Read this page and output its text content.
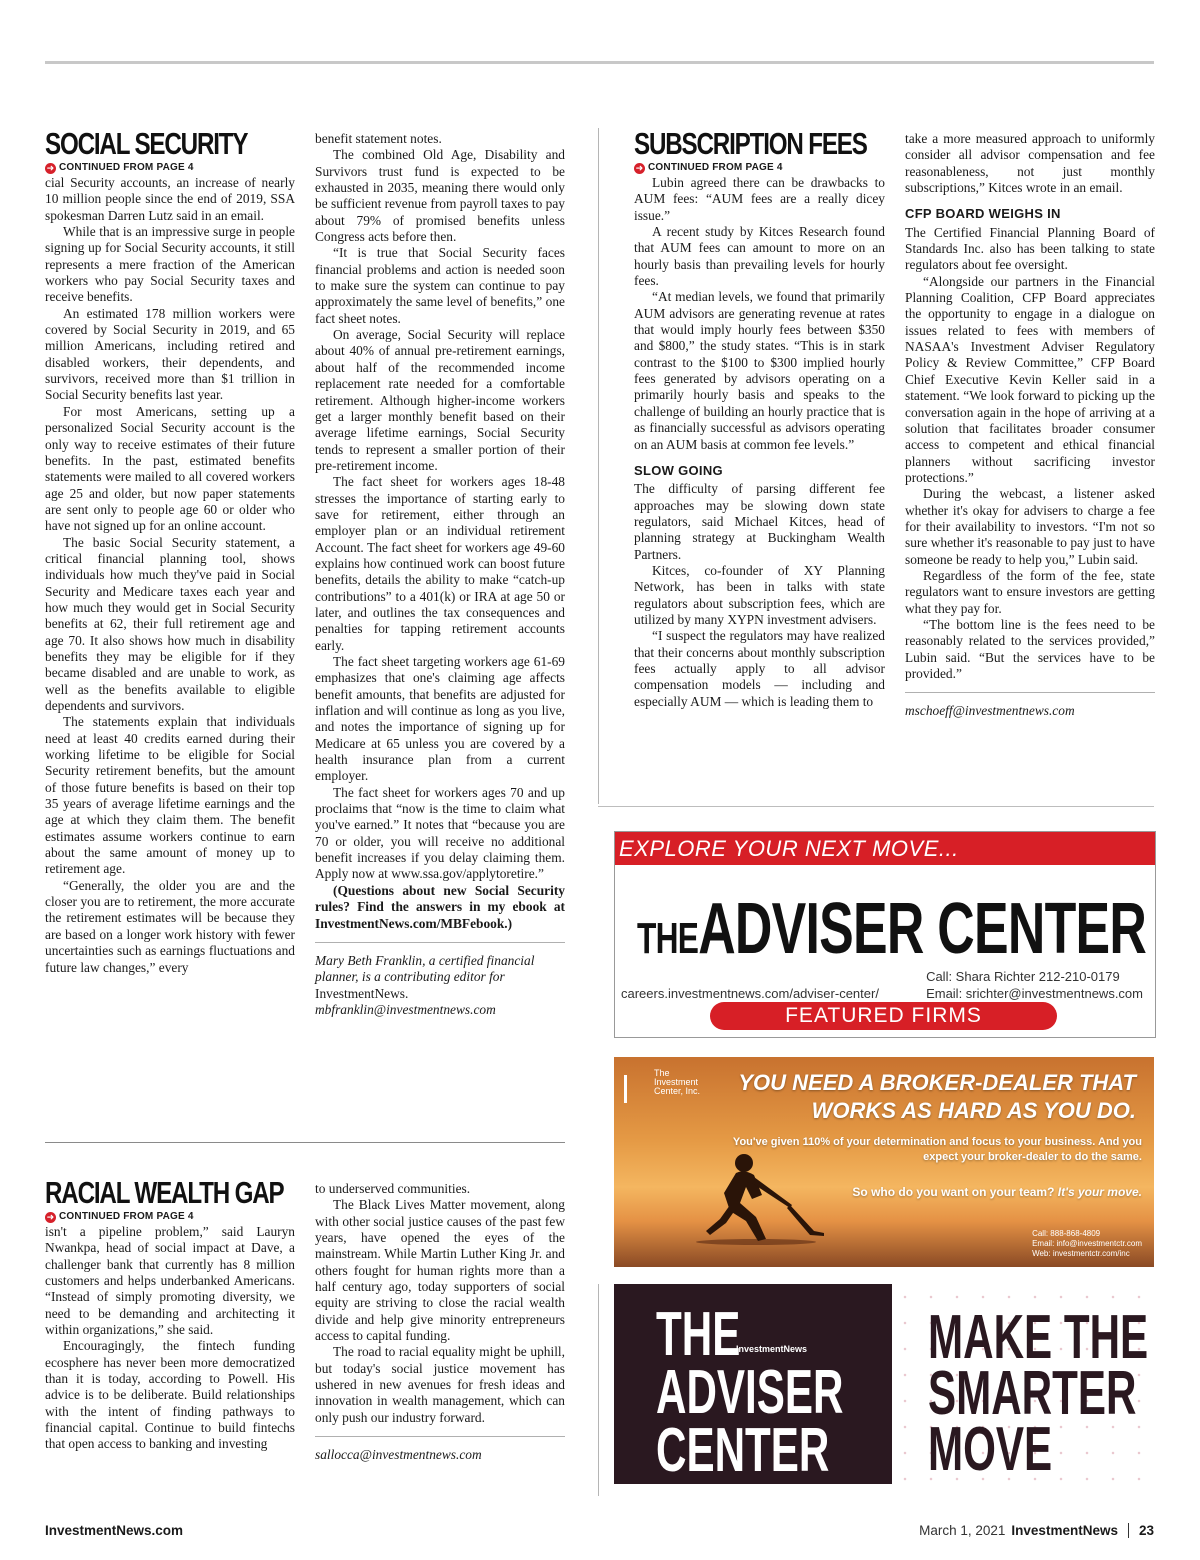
SOCIAL SECURITY
➜ CONTINUED FROM PAGE 4

cial Security accounts, an increase of nearly 10 million people since the end of 2019, SSA spokesman Darren Lutz said in an email.

While that is an impressive surge in people signing up for Social Security accounts, it still represents a mere fraction of the American workers who pay Social Security taxes and receive benefits.

An estimated 178 million workers were covered by Social Security in 2019, and 65 million Americans, including retired and disabled workers, their dependents, and survivors, received more than $1 trillion in Social Security benefits last year.

For most Americans, setting up a personalized Social Security account is the only way to receive estimates of their future benefits. In the past, estimated benefits statements were mailed to all covered workers age 25 and older, but now paper statements are sent only to people age 60 or older who have not signed up for an online account.

The basic Social Security statement, a critical financial planning tool, shows individuals how much they've paid in Social Security and Medicare taxes each year and how much they would get in Social Security benefits at 62, their full retirement age and age 70. It also shows how much in disability benefits they may be eligible for if they became disabled and are unable to work, as well as the benefits available to eligible dependents and survivors.

The statements explain that individuals need at least 40 credits earned during their working lifetime to be eligible for Social Security retirement benefits, but the amount of those future benefits is based on their top 35 years of average lifetime earnings and the age at which they claim them. The benefit estimates assume workers continue to earn about the same amount of money up to retirement age.

“Generally, the older you are and the closer you are to retirement, the more accurate the retirement estimates will be because they are based on a longer work history with fewer uncertainties such as earnings fluctuations and future law changes,” every

benefit statement notes.

The combined Old Age, Disability and Survivors trust fund is expected to be exhausted in 2035, meaning there would only be sufficient revenue from payroll taxes to pay about 79% of promised benefits unless Congress acts before then.

“It is true that Social Security faces financial problems and action is needed soon to make sure the system can continue to pay approximately the same level of benefits,” one fact sheet notes.

On average, Social Security will replace about 40% of annual pre-retirement earnings, about half of the recommended income replacement rate needed for a comfortable retirement. Although higher-income workers get a larger monthly benefit based on their average lifetime earnings, Social Security tends to represent a smaller portion of their pre-retirement income.

The fact sheet for workers ages 18-48 stresses the importance of starting early to save for retirement, either through an employer plan or an individual retirement Account. The fact sheet for workers age 49-60 explains how continued work can boost future benefits, details the ability to make “catch-up contributions” to a 401(k) or IRA at age 50 or later, and outlines the tax consequences and penalties for tapping retirement accounts early.

The fact sheet targeting workers age 61-69 emphasizes that one's claiming age affects benefit amounts, that benefits are adjusted for inflation and will continue as long as you live, and notes the importance of signing up for Medicare at 65 unless you are covered by a health insurance plan from a current employer.

The fact sheet for workers ages 70 and up proclaims that “now is the time to claim what you've earned.” It notes that “because you are 70 or older, you will receive no additional benefit increases if you delay claiming them. Apply now at www.ssa.gov/applytoretire.”

(Questions about new Social Security rules? Find the answers in my ebook at InvestmentNews.com/MBFebook.)

Mary Beth Franklin, a certified financial planner, is a contributing editor for InvestmentNews.

mbfranklin@investmentnews.com

RACIAL WEALTH GAP
➜ CONTINUED FROM PAGE 4

isn't a pipeline problem,” said Lauryn Nwankpa, head of social impact at Dave, a challenger bank that currently has 8 million customers and helps underbanked Americans. “Instead of simply promoting diversity, we need to be demanding and architecting it within organizations,” she said.

Encouragingly, the fintech funding ecosphere has never been more democratized than it is today, according to Powell. His advice is to be deliberate. Build relationships with the intent of finding pathways to financial capital. Continue to build fintechs that open access to banking and investing

to underserved communities.

The Black Lives Matter movement, along with other social justice causes of the past few years, have opened the eyes of the mainstream. While Martin Luther King Jr. and others fought for human rights more than a half century ago, today supporters of social equity are striving to close the racial wealth divide and help give minority entrepreneurs access to capital funding.

The road to racial equality might be uphill, but today's social justice movement has ushered in new avenues for fresh ideas and innovation in wealth management, which can only push our industry forward.

sallocca@investmentnews.com

SUBSCRIPTION FEES
➜ CONTINUED FROM PAGE 4

Lubin agreed there can be drawbacks to AUM fees: “AUM fees are a really dicey issue.”

A recent study by Kitces Research found that AUM fees can amount to more on an hourly basis than prevailing levels for hourly fees.

“At median levels, we found that primarily AUM advisors are generating revenue at rates that would imply hourly fees between $350 and $800,” the study states. “This is in stark contrast to the $100 to $300 implied hourly fees generated by advisors operating on a primarily hourly basis and speaks to the challenge of building an hourly practice that is as financially successful as advisors operating on an AUM basis at common fee levels.”

SLOW GOING

The difficulty of parsing different fee approaches may be slowing down state regulators, said Michael Kitces, head of planning strategy at Buckingham Wealth Partners.

Kitces, co-founder of XY Planning Network, has been in talks with state regulators about subscription fees, which are utilized by many XYPN investment advisers.

“I suspect the regulators may have realized that their concerns about monthly subscription fees actually apply to all advisor compensation models — including and especially AUM — which is leading them to

take a more measured approach to uniformly consider all advisor compensation and fee reasonableness, not just monthly subscriptions,” Kitces wrote in an email.

CFP BOARD WEIGHS IN

The Certified Financial Planning Board of Standards Inc. also has been talking to state regulators about fee oversight.

“Alongside our partners in the Financial Planning Coalition, CFP Board appreciates the opportunity to engage in a dialogue on issues related to fees with members of NASAA's Investment Adviser Regulatory Policy & Review Committee,” CFP Board Chief Executive Kevin Keller said in a statement. “We look forward to picking up the conversation again in the hope of arriving at a solution that facilitates broader consumer access to competent and ethical financial planners without sacrificing investor protections.”

During the webcast, a listener asked whether it's okay for advisers to charge a fee for their availability to investors. “I'm not so sure whether it's reasonable to pay just to have someone be ready to help you,” Lubin said.

Regardless of the form of the fee, state regulators want to ensure investors are getting what they pay for.

“The bottom line is the fees need to be reasonably related to the services provided,” Lubin said. “But the services have to be provided.”

mschoeff@investmentnews.com

EXPLORE YOUR NEXT MOVE...
THEADVISER CENTER
Call: Shara Richter 212-210-0179
Email: srichter@investmentnews.com
careers.investmentnews.com/adviser-center/
FEATURED FIRMS
The
Investment
Center, Inc.	YOU NEED A BROKER-DEALER THAT
WORKS AS HARD AS YOU DO.
You've given 110% of your determination and focus to your business. And you expect your broker-dealer to do the same.
So who do you want on your team? It's your move.
Call: 888-868-4809
Email: info@investmentctr.com
Web: investmentctr.com/inc
THE
ADVISER
CENTER
InvestmentNews MAKE THE
SMARTER
MOVE
InvestmentNews.com	March 1, 2021 InvestmentNews 23
